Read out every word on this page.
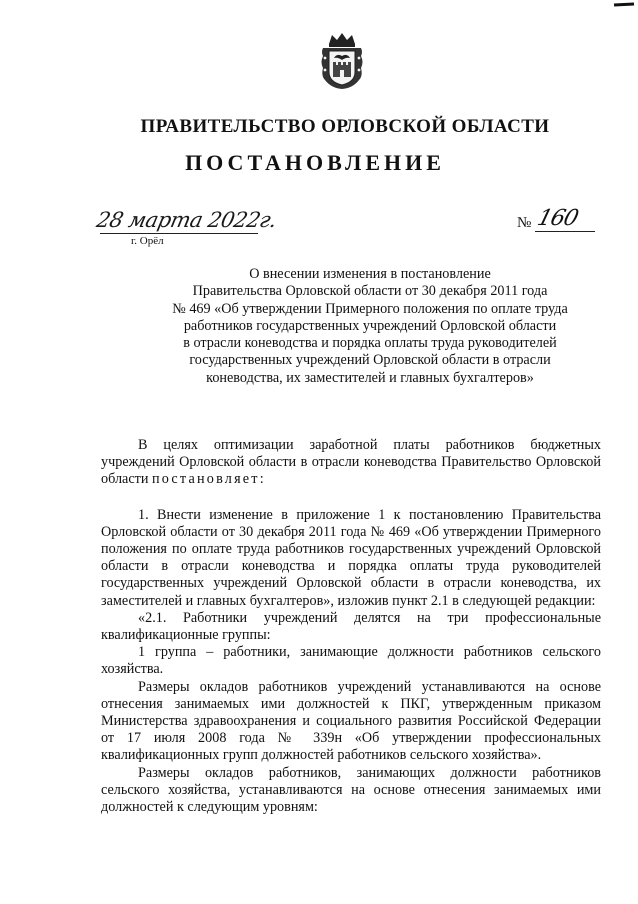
ПРАВИТЕЛЬСТВО ОРЛОВСКОЙ ОБЛАСТИ
ПОСТАНОВЛЕНИЕ
28 марта 2022г.
г. Орёл
№ 160
О внесении изменения в постановление
Правительства Орловской области от 30 декабря 2011 года
№ 469 «Об утверждении Примерного положения по оплате труда
работников государственных учреждений Орловской области
в отрасли коневодства и порядка оплаты труда руководителей
государственных учреждений Орловской области в отрасли
коневодства, их заместителей и главных бухгалтеров»

В целях оптимизации заработной платы работников бюджетных учреждений Орловской области в отрасли коневодства Правительство Орловской области постановляет:

1. Внести изменение в приложение 1 к постановлению Правительства Орловской области от 30 декабря 2011 года № 469 «Об утверждении Примерного положения по оплате труда работников государственных учреждений Орловской области в отрасли коневодства и порядка оплаты труда руководителей государственных учреждений Орловской области в отрасли коневодства, их заместителей и главных бухгалтеров», изложив пункт 2.1 в следующей редакции:

«2.1. Работники учреждений делятся на три профессиональные квалификационные группы:

1 группа – работники, занимающие должности работников сельского хозяйства.

Размеры окладов работников учреждений устанавливаются на основе отнесения занимаемых ими должностей к ПКГ, утвержденным приказом Министерства здравоохранения и социального развития Российской Федерации от 17 июля 2008 года № 339н «Об утверждении профессиональных квалификационных групп должностей работников сельского хозяйства».

Размеры окладов работников, занимающих должности работников сельского хозяйства, устанавливаются на основе отнесения занимаемых ими должностей к следующим уровням:
